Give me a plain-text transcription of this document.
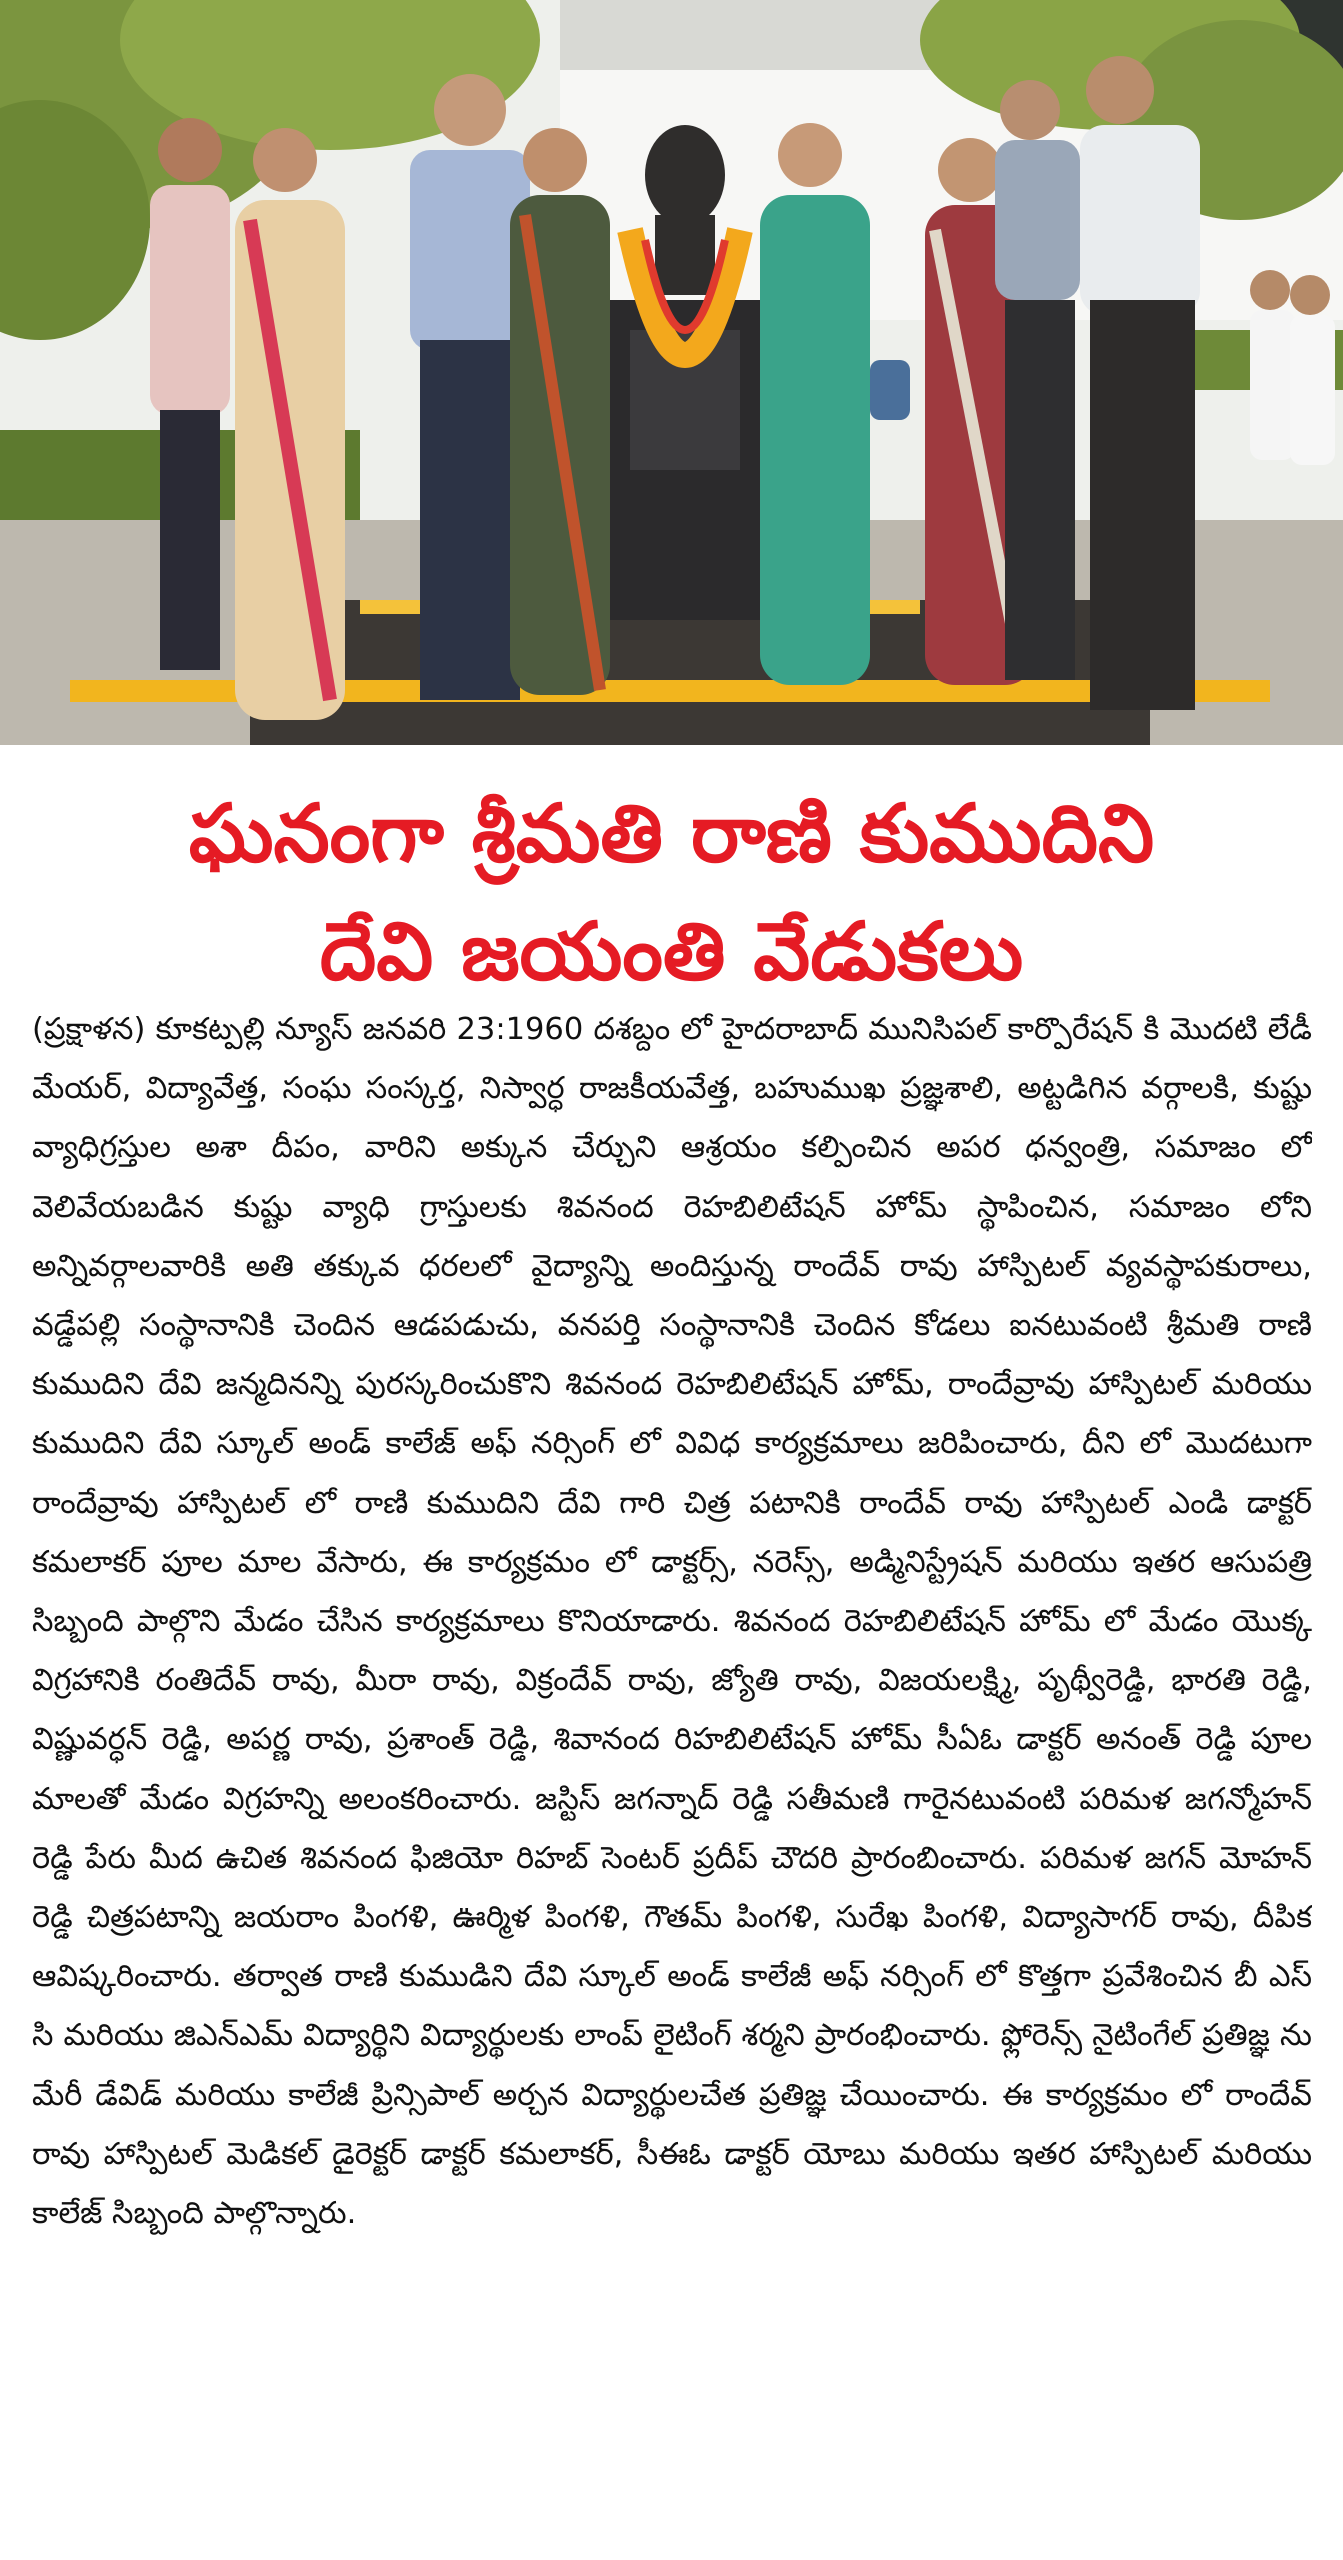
ఘనంగా శ్రీమతి రాణి కుముదిని
దేవి జయంతి వేడుకలు

(ప్రక్షాళన) కూకట్పల్లి న్యూస్ జనవరి 23:1960 దశబ్దం లో హైదరాబాద్ మునిసిపల్ కార్పొరేషన్ కి మొదటి లేడీ మేయర్, విద్యావేత్త, సంఘ సంస్కర్త, నిస్వార్ధ రాజకీయవేత్త, బహుముఖ ప్రజ్ఞశాలి, అట్టడిగిన వర్గాలకి, కుష్టు వ్యాధిగ్రస్తుల అశా దీపం, వారిని అక్కున చేర్చుని ఆశ్రయం కల్పించిన అపర ధన్వంత్రి, సమాజం లో వెలివేయబడిన కుష్టు వ్యాధి గ్రాస్తులకు శివనంద రెహబిలిటేషన్ హోమ్ స్థాపించిన, సమాజం లోని అన్నివర్గాలవారికి అతి తక్కువ ధరలలో వైద్యాన్ని అందిస్తున్న రాందేవ్ రావు హాస్పిటల్ వ్యవస్థాపకురాలు, వడ్డేపల్లి సంస్థానానికి చెందిన ఆడపడుచు, వనపర్తి సంస్థానానికి చెందిన కోడలు ఐనటువంటి శ్రీమతి రాణి కుముదిని దేవి జన్మదినన్ని పురస్కరించుకొని శివనంద రెహబిలిటేషన్ హోమ్, రాందేవ్రావు హాస్పిటల్ మరియు కుముదిని దేవి స్కూల్ అండ్ కాలేజ్ అఫ్ నర్సింగ్ లో వివిధ కార్యక్రమాలు జరిపించారు, దీని లో మొదటుగా రాందేవ్రావు హాస్పిటల్ లో రాణి కుముదిని దేవి గారి చిత్ర పటానికి రాందేవ్ రావు హాస్పిటల్ ఎండి డాక్టర్ కమలాకర్ పూల మాల వేసారు, ఈ కార్యక్రమం లో డాక్టర్స్, నరెస్స్, అడ్మినిస్ట్రేషన్ మరియు ఇతర ఆసుపత్రి సిబ్బంది పాల్గొని మేడం చేసిన కార్యక్రమాలు కొనియాడారు. శివనంద రెహబిలిటేషన్ హోమ్ లో మేడం యొక్క విగ్రహానికి రంతిదేవ్ రావు, మీరా రావు, విక్రందేవ్ రావు, జ్యోతి రావు, విజయలక్ష్మి, పృథ్వీరెడ్డి, భారతి రెడ్డి, విష్ణువర్ధన్ రెడ్డి, అపర్ణ రావు, ప్రశాంత్ రెడ్డి, శివానంద రిహబిలిటేషన్ హోమ్ సీఏఓ డాక్టర్ అనంత్ రెడ్డి పూల మాలతో మేడం విగ్రహన్ని అలంకరించారు. జస్టిస్ జగన్నాద్ రెడ్డి సతీమణి గారైనటువంటి పరిమళ జగన్మోహన్ రెడ్డి పేరు మీద ఉచిత శివనంద ఫిజియో రిహబ్ సెంటర్ ప్రదీప్ చౌదరి ప్రారంబించారు. పరిమళ జగన్ మోహన్ రెడ్డి చిత్రపటాన్ని జయరాం పింగళి, ఊర్మిళ పింగళి, గౌతమ్ పింగళి, సురేఖ పింగళి, విద్యాసాగర్ రావు, దీపిక ఆవిష్కరించారు. తర్వాత రాణి కుముడిని దేవి స్కూల్ అండ్ కాలేజీ అఫ్ నర్సింగ్ లో కొత్తగా ప్రవేశించిన బీ ఎస్ సి మరియు జిఎన్ఎమ్ విద్యార్థిని విద్యార్థులకు లాంప్ లైటింగ్ శర్మని ప్రారంభించారు. ఫ్లోరెన్స్ నైటింగేల్ ప్రతిజ్ఞ ను మేరీ డేవిడ్ మరియు కాలేజీ ప్రిన్సిపాల్ అర్చన విద్యార్థులచేత ప్రతిజ్ఞ చేయించారు. ఈ కార్యక్రమం లో రాందేవ్ రావు హాస్పిటల్ మెడికల్ డైరెక్టర్ డాక్టర్ కమలాకర్, సీఈఓ డాక్టర్ యోబు మరియు ఇతర హాస్పిటల్ మరియు కాలేజ్ సిబ్బంది పాల్గొన్నారు.
